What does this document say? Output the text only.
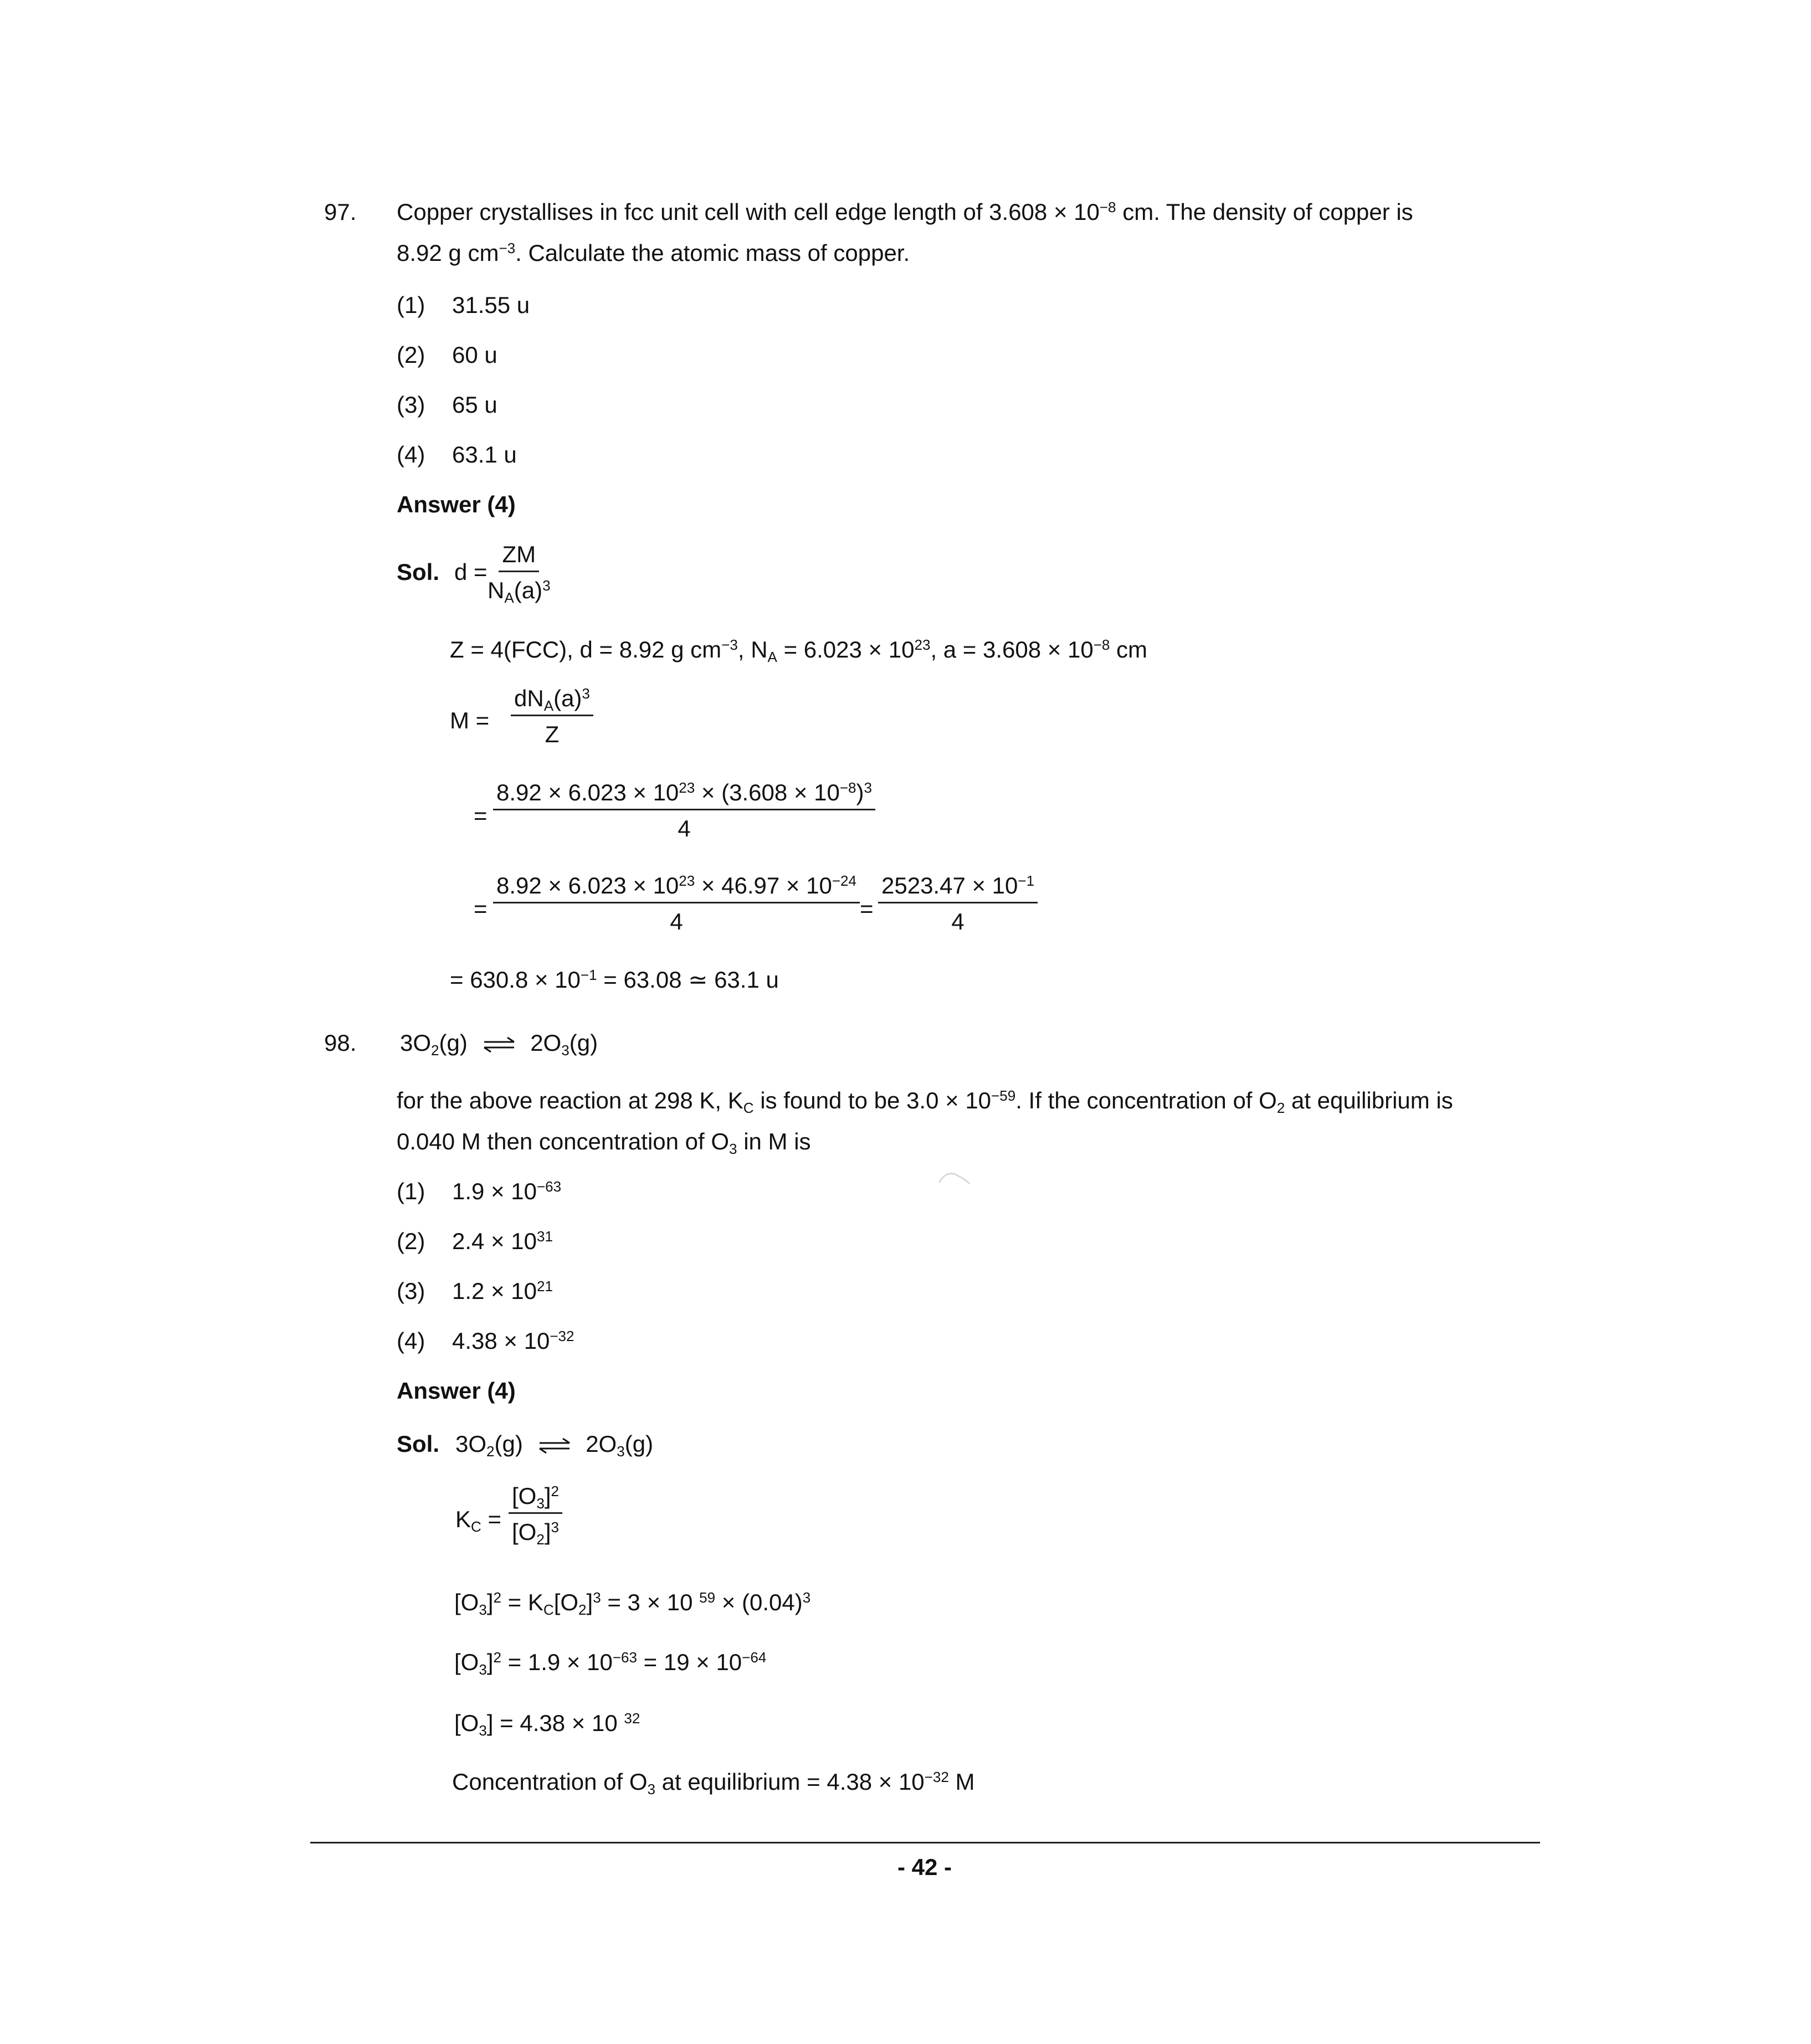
97. Copper crystallises in fcc unit cell with cell edge length of $3.608 \times 10^{-8}$ cm. The density of copper is
8.92 g $cm^{-3}$. Calculate the atomic mass of copper.
(1) 31.55 u
(2) 60 u
(3) 65 u
(4) 63.1 u
Answer (4)
Sol. $d = \frac{ZM}{N_A(a)^3}$
Z = 4(FCC), d = 8.92 g $cm^{-3}$, $N_A = 6.023 \times 10^{23}$, $a = 3.608 \times 10^{-8}$ cm
M =
$dN_A(a)^3$
Z
= $\frac{8.92 \times 6.023 \times 10^{23} \times (3.608 \times 10^{-8})^3}{4}$
= $\frac{8.92 \times 6.023 \times 10^{23} \times 46.97 \times 10^{-24}}{4} = \frac{2523.47 \times 10^{-1}}{4}$
= $630.8 \times 10^{-1} = 63.08$ ≃ 63.1 u
98. $3O_2(g)$ ⇌ $2O_3(g)$
for the above reaction at 298 K, $K_C$ is found to be $3.0 \times 10^{-59}$. If the concentration of $O_2$ at equilibrium is
0.040 M then concentration of $O_3$ in M is
(1) $1.9 \times 10^{-63}$
(2) $2.4 \times 10^{31}$
(3) $1.2 \times 10^{21}$
(4) $4.38 \times 10^{-32}$
Answer (4)
Sol. $3O_2(g)$ ⇌ $2O_3(g)$
$K_C = \frac{[O_3]^2}{[O_2]^3}$
$[O_3]^2 = K_C[O_2]^3 = 3 \times 10$ $^{59} \times (0.04)^3$
$[O_3]^2 = 1.9 \times 10^{-63} = 19 \times 10^{-64}$
$[O_3] = 4.38 \times 10$ $^{32}$
Concentration of $O_3$ at equilibrium = $4.38 \times 10^{-32}$ M
- 42 -
